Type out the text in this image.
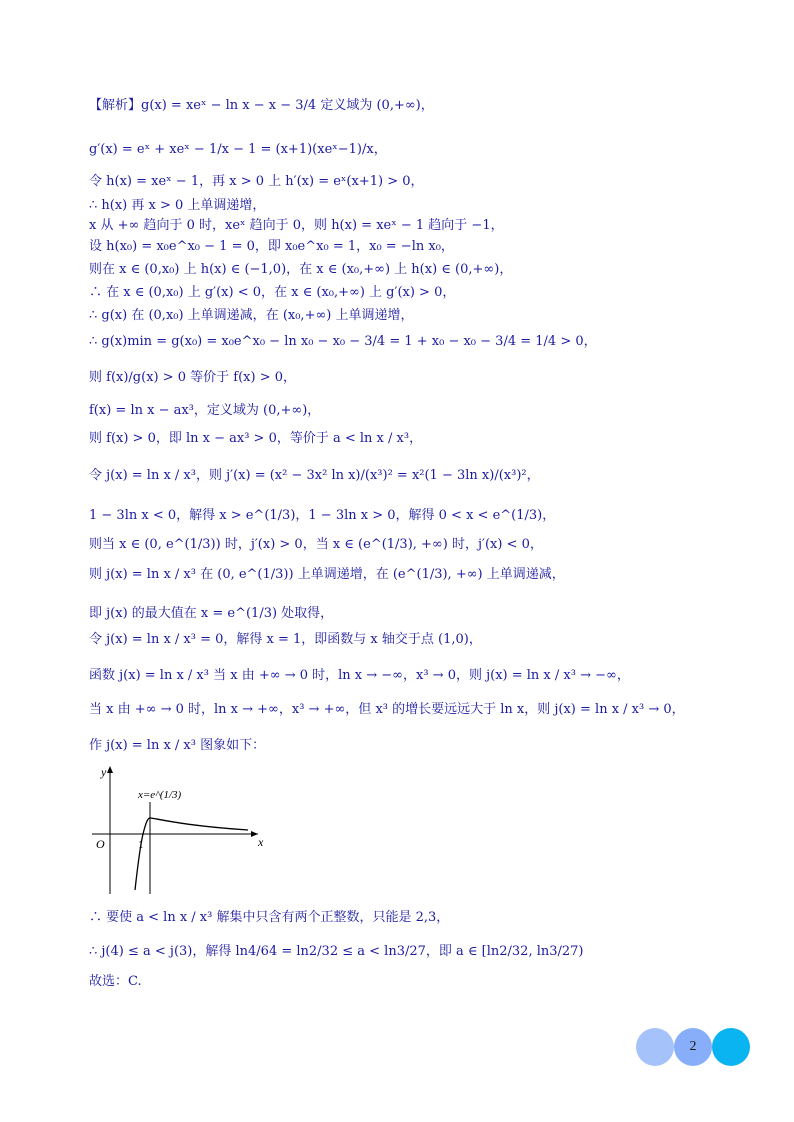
【解析】g(x) = xeˣ − ln x − x − 3/4 定义域为 (0,+∞)，

g′(x) = eˣ + xeˣ − 1/x − 1 = (x+1)(xeˣ−1)/x，

令 h(x) = xeˣ − 1，再 x > 0 上 h′(x) = eˣ(x+1) > 0，

∴ h(x) 再 x > 0 上单调递增，

x 从 +∞ 趋向于 0 时，xeˣ 趋向于 0，则 h(x) = xeˣ − 1 趋向于 −1，

设 h(x₀) = x₀e^x₀ − 1 = 0，即 x₀e^x₀ = 1，x₀ = −ln x₀，

则在 x ∈ (0,x₀) 上 h(x) ∈ (−1,0)，在 x ∈ (x₀,+∞) 上 h(x) ∈ (0,+∞)，

∴ 在 x ∈ (0,x₀) 上 g′(x) < 0，在 x ∈ (x₀,+∞) 上 g′(x) > 0，

∴ g(x) 在 (0,x₀) 上单调递减，在 (x₀,+∞) 上单调递增，

∴ g(x)min = g(x₀) = x₀e^x₀ − ln x₀ − x₀ − 3/4 = 1 + x₀ − x₀ − 3/4 = 1/4 > 0，

则 f(x)/g(x) > 0 等价于 f(x) > 0，

f(x) = ln x − ax³，定义域为 (0,+∞)，

则 f(x) > 0，即 ln x − ax³ > 0，等价于 a < ln x / x³，

令 j(x) = ln x / x³，则 j′(x) = (x² − 3x² ln x)/(x³)² = x²(1 − 3ln x)/(x³)²，

1 − 3ln x < 0，解得 x > e^(1/3)，1 − 3ln x > 0，解得 0 < x < e^(1/3)，

则当 x ∈ (0, e^(1/3)) 时，j′(x) > 0，当 x ∈ (e^(1/3), +∞) 时，j′(x) < 0，

则 j(x) = ln x / x³ 在 (0, e^(1/3)) 上单调递增，在 (e^(1/3), +∞) 上单调递减，

即 j(x) 的最大值在 x = e^(1/3) 处取得，

令 j(x) = ln x / x³ = 0，解得 x = 1，即函数与 x 轴交于点 (1,0)，

函数 j(x) = ln x / x³ 当 x 由 +∞ → 0 时，ln x → −∞，x³ → 0，则 j(x) = ln x / x³ → −∞，

当 x 由 +∞ → 0 时，ln x → +∞，x³ → +∞，但 x³ 的增长要远远大于 ln x，则 j(x) = ln x / x³ → 0，

作 j(x) = ln x / x³ 图象如下：

∴ 要使 a < ln x / x³ 解集中只含有两个正整数，只能是 2,3，

∴ j(4) ≤ a < j(3)，解得 ln4/64 = ln2/32 ≤ a < ln3/27，即 a ∈ [ln2/32, ln3/27)

故选：C.

x
y
O	1
x=e^(1/3)
2
